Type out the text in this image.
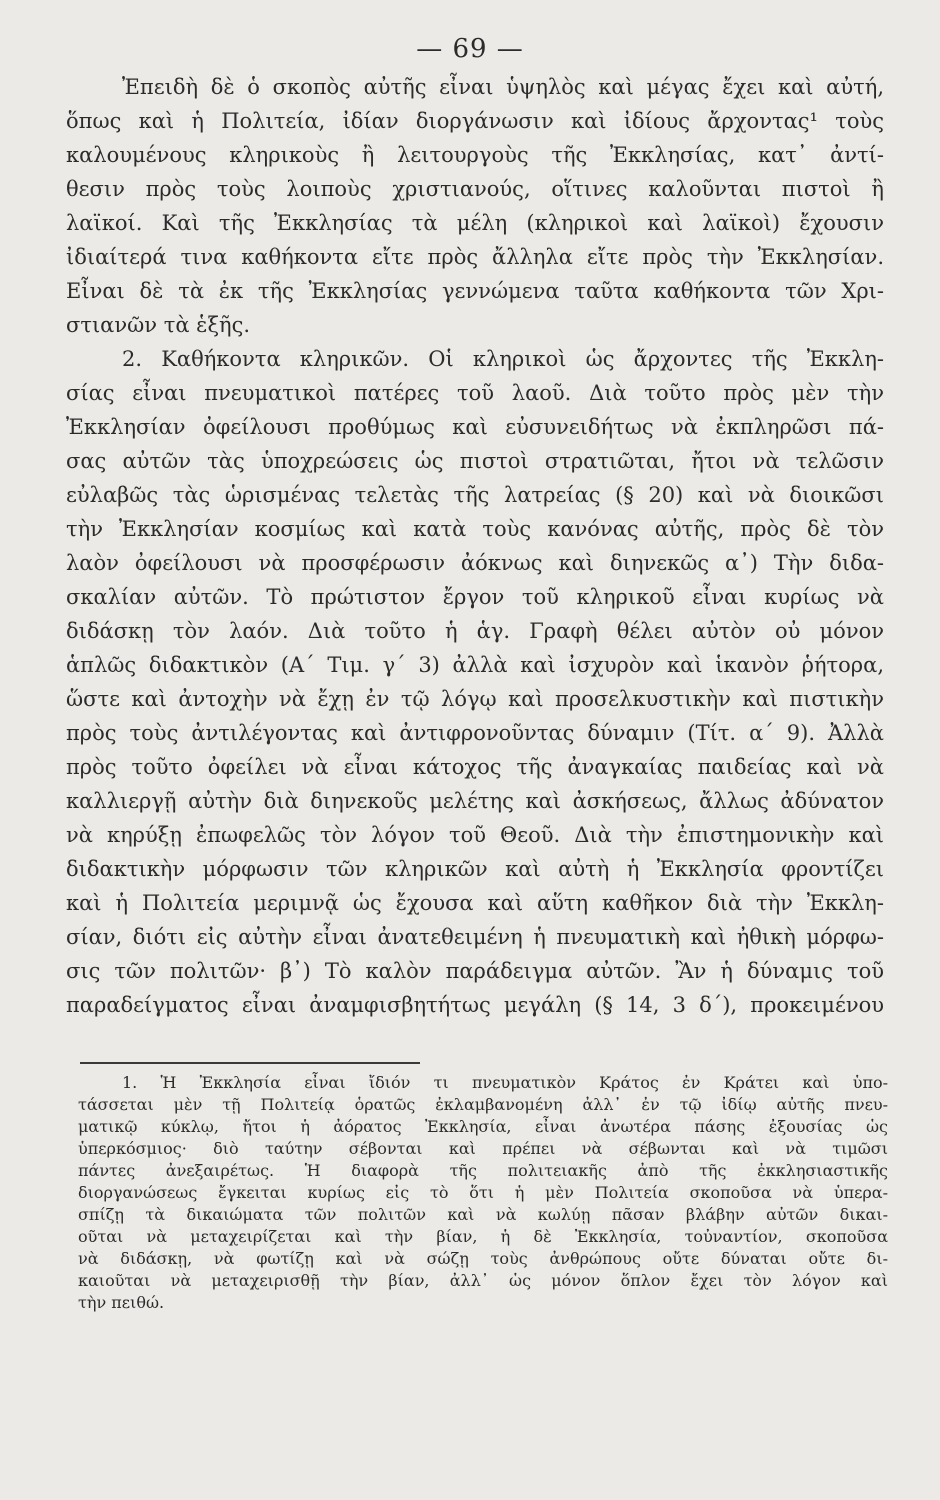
— 69 —
Ἐπειδὴ δὲ ὁ σκοπὸς αὐτῆς εἶναι ὑψηλὸς καὶ μέγας ἔχει καὶ αὐτή,
ὅπως καὶ ἡ Πολιτεία, ἰδίαν διοργάνωσιν καὶ ἰδίους ἄρχοντας¹ τοὺς
καλουμένους κληρικοὺς ἢ λειτουργοὺς τῆς Ἐκκλησίας, κατ᾽ ἀντί-
θεσιν πρὸς τοὺς λοιποὺς χριστιανούς, οἵτινες καλοῦνται πιστοὶ ἢ
λαϊκοί. Καὶ τῆς Ἐκκλησίας τὰ μέλη (κληρικοὶ καὶ λαϊκοὶ) ἔχουσιν
ἰδιαίτερά τινα καθήκοντα εἴτε πρὸς ἄλληλα εἴτε πρὸς τὴν Ἐκκλησίαν.
Εἶναι δὲ τὰ ἐκ τῆς Ἐκκλησίας γεννώμενα ταῦτα καθήκοντα τῶν Χρι-
στιανῶν τὰ ἑξῆς.
2. Καθήκοντα κληρικῶν. Οἱ κληρικοὶ ὡς ἄρχοντες τῆς Ἐκκλη-
σίας εἶναι πνευματικοὶ πατέρες τοῦ λαοῦ. Διὰ τοῦτο πρὸς μὲν τὴν
Ἐκκλησίαν ὀφείλουσι προθύμως καὶ εὐσυνειδήτως νὰ ἐκπληρῶσι πά-
σας αὐτῶν τὰς ὑποχρεώσεις ὡς πιστοὶ στρατιῶται, ἤτοι νὰ τελῶσιν
εὐλαβῶς τὰς ὡρισμένας τελετὰς τῆς λατρείας (§ 20) καὶ νὰ διοικῶσι
τὴν Ἐκκλησίαν κοσμίως καὶ κατὰ τοὺς κανόνας αὐτῆς, πρὸς δὲ τὸν
λαὸν ὀφείλουσι νὰ προσφέρωσιν ἀόκνως καὶ διηνεκῶς α᾽) Τὴν διδα-
σκαλίαν αὐτῶν. Τὸ πρώτιστον ἔργον τοῦ κληρικοῦ εἶναι κυρίως νὰ
διδάσκῃ τὸν λαόν. Διὰ τοῦτο ἡ ἁγ. Γραφὴ θέλει αὐτὸν οὐ μόνον
ἁπλῶς διδακτικὸν (Α´ Τιμ. γ´ 3) ἀλλὰ καὶ ἰσχυρὸν καὶ ἱκανὸν ῥήτορα,
ὥστε καὶ ἀντοχὴν νὰ ἔχῃ ἐν τῷ λόγῳ καὶ προσελκυστικὴν καὶ πιστικὴν
πρὸς τοὺς ἀντιλέγοντας καὶ ἀντιφρονοῦντας δύναμιν (Τίτ. α´ 9). Ἀλλὰ
πρὸς τοῦτο ὀφείλει νὰ εἶναι κάτοχος τῆς ἀναγκαίας παιδείας καὶ νὰ
καλλιεργῇ αὐτὴν διὰ διηνεκοῦς μελέτης καὶ ἀσκήσεως, ἄλλως ἀδύνατον
νὰ κηρύξῃ ἐπωφελῶς τὸν λόγον τοῦ Θεοῦ. Διὰ τὴν ἐπιστημονικὴν καὶ
διδακτικὴν μόρφωσιν τῶν κληρικῶν καὶ αὐτὴ ἡ Ἐκκλησία φροντίζει
καὶ ἡ Πολιτεία μεριμνᾷ ὡς ἔχουσα καὶ αὕτη καθῆκον διὰ τὴν Ἐκκλη-
σίαν, διότι εἰς αὐτὴν εἶναι ἀνατεθειμένη ἡ πνευματικὴ καὶ ἠθικὴ μόρφω-
σις τῶν πολιτῶν· β᾽) Τὸ καλὸν παράδειγμα αὐτῶν. Ἂν ἡ δύναμις τοῦ
παραδείγματος εἶναι ἀναμφισβητήτως μεγάλη (§ 14, 3 δ´), προκειμένου
1. Ἡ Ἐκκλησία εἶναι ἴδιόν τι πνευματικὸν Κράτος ἐν Κράτει καὶ ὑπο-
τάσσεται μὲν τῇ Πολιτείᾳ ὁρατῶς ἐκλαμβανομένη ἀλλ᾽ ἐν τῷ ἰδίῳ αὐτῆς πνευ-
ματικῷ κύκλῳ, ἤτοι ἡ ἀόρατος Ἐκκλησία, εἶναι ἀνωτέρα πάσης ἐξουσίας ὡς
ὑπερκόσμιος· διὸ ταύτην σέβονται καὶ πρέπει νὰ σέβωνται καὶ νὰ τιμῶσι
πάντες ἀνεξαιρέτως. Ἡ διαφορὰ τῆς πολιτειακῆς ἀπὸ τῆς ἐκκλησιαστικῆς
διοργανώσεως ἔγκειται κυρίως εἰς τὸ ὅτι ἡ μὲν Πολιτεία σκοποῦσα νὰ ὑπερα-
σπίζῃ τὰ δικαιώματα τῶν πολιτῶν καὶ νὰ κωλύῃ πᾶσαν βλάβην αὐτῶν δικαι-
οῦται νὰ μεταχειρίζεται καὶ τὴν βίαν, ἡ δὲ Ἐκκλησία, τοὐναντίον, σκοποῦσα
νὰ διδάσκῃ, νὰ φωτίζῃ καὶ νὰ σώζῃ τοὺς ἀνθρώπους οὔτε δύναται οὔτε δι-
καιοῦται νὰ μεταχειρισθῇ τὴν βίαν, ἀλλ᾽ ὡς μόνον ὅπλον ἔχει τὸν λόγον καὶ
τὴν πειθώ.
